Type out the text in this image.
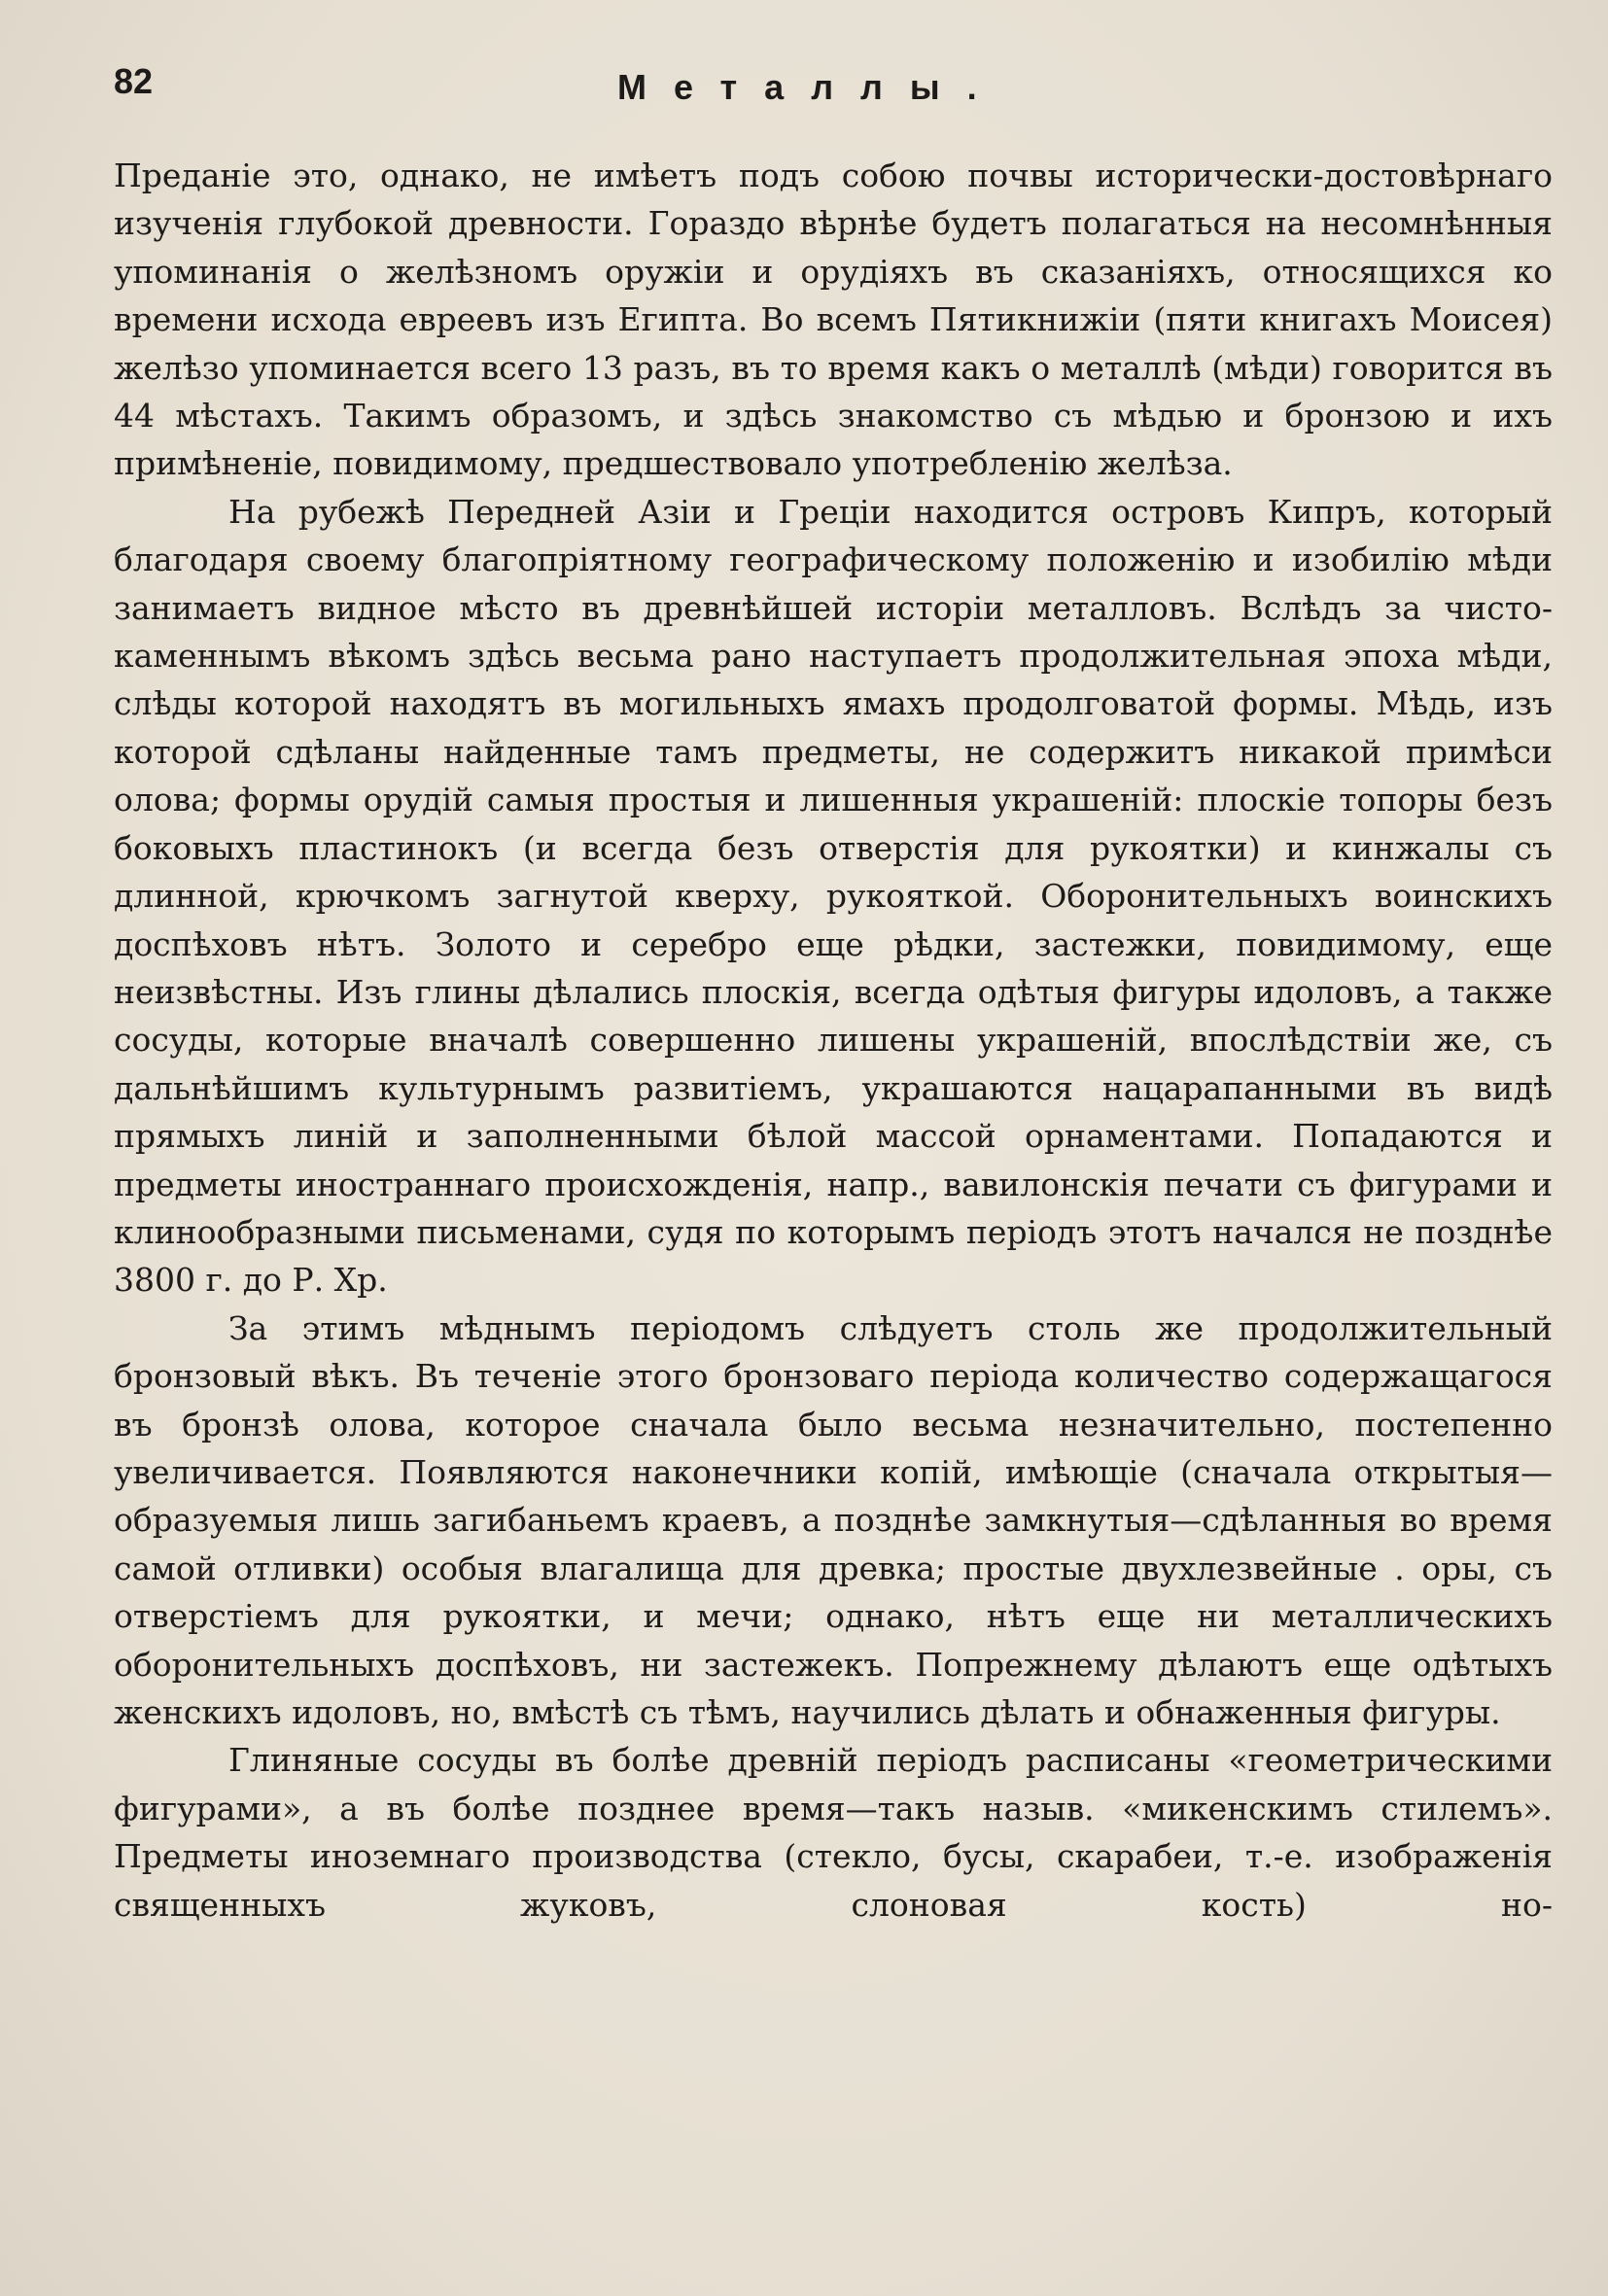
82	Металлы.

Преданіе это, однако, не имѣетъ подъ собою почвы исторически-достовѣрнаго изученія глубокой древности. Гораздо вѣрнѣе будетъ полагаться на несомнѣнныя упоминанія о желѣзномъ оружіи и орудіяхъ въ сказаніяхъ, относящихся ко времени исхода евреевъ изъ Египта. Во всемъ Пятикнижіи (пяти книгахъ Моисея) желѣзо упоминается всего 13 разъ, въ то время какъ о металлѣ (мѣди) говорится въ 44 мѣстахъ. Такимъ образомъ, и здѣсь знакомство съ мѣдью и бронзою и ихъ примѣненіе, повидимому, предшествовало употребленію желѣза.

На рубежѣ Передней Азіи и Греціи находится островъ Кипръ, который благодаря своему благопріятному географическому положенію и изобилію мѣди занимаетъ видное мѣсто въ древнѣйшей исторіи металловъ. Вслѣдъ за чисто-каменнымъ вѣкомъ здѣсь весьма рано наступаетъ продолжительная эпоха мѣди, слѣды которой находятъ въ могильныхъ ямахъ продолговатой формы. Мѣдь, изъ которой сдѣланы найденные тамъ предметы, не содержитъ никакой примѣси олова; формы орудій самыя простыя и лишенныя украшеній: плоскіе топоры безъ боковыхъ пластинокъ (и всегда безъ отверстія для рукоятки) и кинжалы съ длинной, крючкомъ загнутой кверху, рукояткой. Оборонительныхъ воинскихъ доспѣховъ нѣтъ. Золото и серебро еще рѣдки, застежки, повидимому, еще неизвѣстны. Изъ глины дѣлались плоскія, всегда одѣтыя фигуры идоловъ, а также сосуды, которые вначалѣ совершенно лишены украшеній, впослѣдствіи же, съ дальнѣйшимъ культурнымъ развитіемъ, украшаются нацарапанными въ видѣ прямыхъ линій и заполненными бѣлой массой орнаментами. Попадаются и предметы иностраннаго происхожденія, напр., вавилонскія печати съ фигурами и клинообразными письменами, судя по которымъ періодъ этотъ начался не позднѣе 3800 г. до Р. Хр.

За этимъ мѣднымъ періодомъ слѣдуетъ столь же продолжительный бронзовый вѣкъ. Въ теченіе этого бронзоваго періода количество содержащагося въ бронзѣ олова, которое сначала было весьма незначительно, постепенно увеличивается. Появляются наконечники копій, имѣющіе (сначала открытыя—образуемыя лишь загибаньемъ краевъ, а позднѣе замкнутыя—сдѣланныя во время самой отливки) особыя влагалища для древка; простые двухлезвейные . оры, съ отверстіемъ для рукоятки, и мечи; однако, нѣтъ еще ни металлическихъ оборонительныхъ доспѣховъ, ни застежекъ. Попрежнему дѣлаютъ еще одѣтыхъ женскихъ идоловъ, но, вмѣстѣ съ тѣмъ, научились дѣлать и обнаженныя фигуры.

Глиняные сосуды въ болѣе древній періодъ расписаны «геометрическими фигурами», а въ болѣе позднее время—такъ назыв. «микенскимъ стилемъ». Предметы иноземнаго производства (стекло, бусы, скарабеи, т.-е. изображенія священныхъ жуковъ, слоновая кость) но-
